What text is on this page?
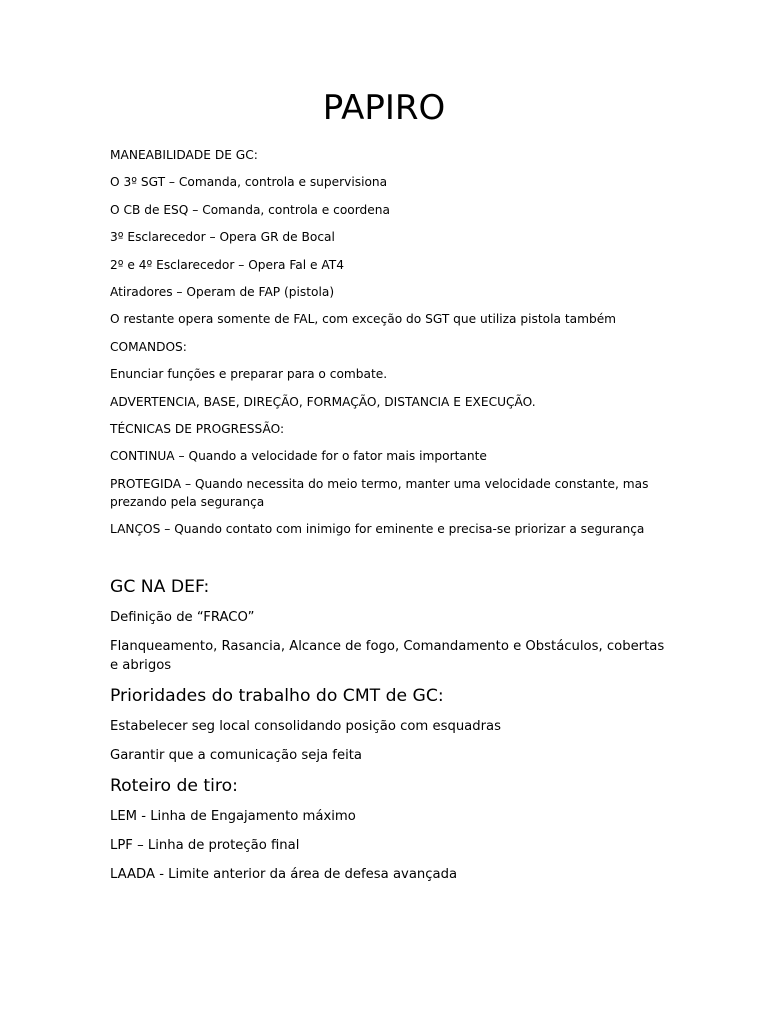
PAPIRO

MANEABILIDADE DE GC:

O 3º SGT – Comanda, controla e supervisiona

O CB de ESQ – Comanda, controla e coordena

3º Esclarecedor – Opera GR de Bocal

2º e 4º Esclarecedor – Opera Fal e AT4

Atiradores – Operam de FAP (pistola)

O restante opera somente de FAL, com exceção do SGT que utiliza pistola também

COMANDOS:

Enunciar funções e preparar para o combate.

ADVERTENCIA, BASE, DIREÇÃO, FORMAÇÃO, DISTANCIA E EXECUÇÃO.

TÉCNICAS DE PROGRESSÃO:

CONTINUA – Quando a velocidade for o fator mais importante

PROTEGIDA – Quando necessita do meio termo, manter uma velocidade constante, mas prezando pela segurança

LANÇOS – Quando contato com inimigo for eminente e precisa-se priorizar a segurança

GC NA DEF:

Definição de “FRACO”

Flanqueamento, Rasancia, Alcance de fogo, Comandamento e Obstáculos, cobertas e abrigos

Prioridades do trabalho do CMT de GC:

Estabelecer seg local consolidando posição com esquadras

Garantir que a comunicação seja feita

Roteiro de tiro:

LEM - Linha de Engajamento máximo

LPF – Linha de proteção final

LAADA - Limite anterior da área de defesa avançada
